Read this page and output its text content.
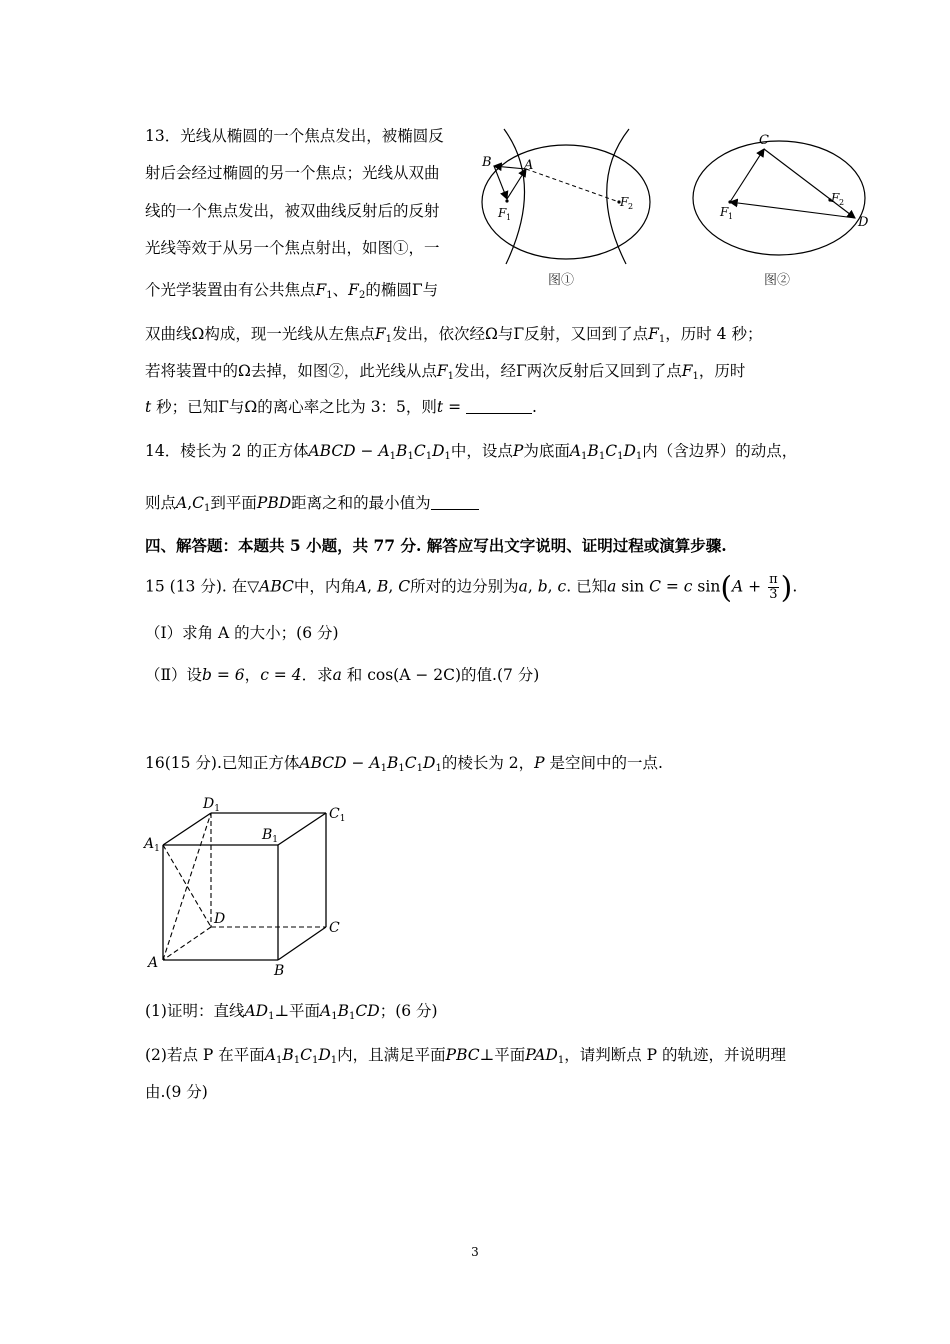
13．光线从椭圆的一个焦点发出，被椭圆反
射后会经过椭圆的另一个焦点；光线从双曲
线的一个焦点发出，被双曲线反射后的反射
光线等效于从另一个焦点射出，如图①，一
个光学装置由有公共焦点$F_1$、$F_2$的椭圆Γ与
B A
F 1
F 2
图①
C
F 1
F 2
D
图②
双曲线Ω构成，现一光线从左焦点$F_1$发出，依次经Ω与Γ反射，又回到了点$F_1$，历时 4 秒；
若将装置中的Ω去掉，如图②，此光线从点$F_1$发出，经Γ两次反射后又回到了点$F_1$，历时
t 秒；已知Γ与Ω的离心率之比为 3：5，则t =	.
14．棱长为 2 的正方体ABCD − $A_1B_1C_1D_1$中，设点P为底面$A_1B_1C_1D_1$内（含边界）的动点，
则点$A,C_1$到平面PBD距离之和的最小值为
四、解答题：本题共 5 小题，共 77 分. 解答应写出文字说明、证明过程或演算步骤.
15 (13 分). 在▽ABC中，内角A, B, C所对的边分别为a, b, c. 已知a sin C = c $\sin(A + \frac{\pi}{3}$ ).
（Ⅰ）求角 A 的大小；(6 分)
（Ⅱ）设b = 6，c = 4．求a 和 cos(A − 2C)的值.(7 分)
16(15 分).已知正方体ABCD − $A_1B_1C_1D_1$的棱长为 2，P 是空间中的一点.
$D_1$	$C_1$
$A_1$
$B_1$
D
C
A	B
(1)证明：直线$AD_1\perp$平面$A_1B_1CD$；(6 分)
(2)若点 P 在平面$A_1B_1C_1D_1$内，且满足平面PBC⊥平面$PAD_1$，请判断点 P 的轨迹，并说明理
由.(9 分)
3
